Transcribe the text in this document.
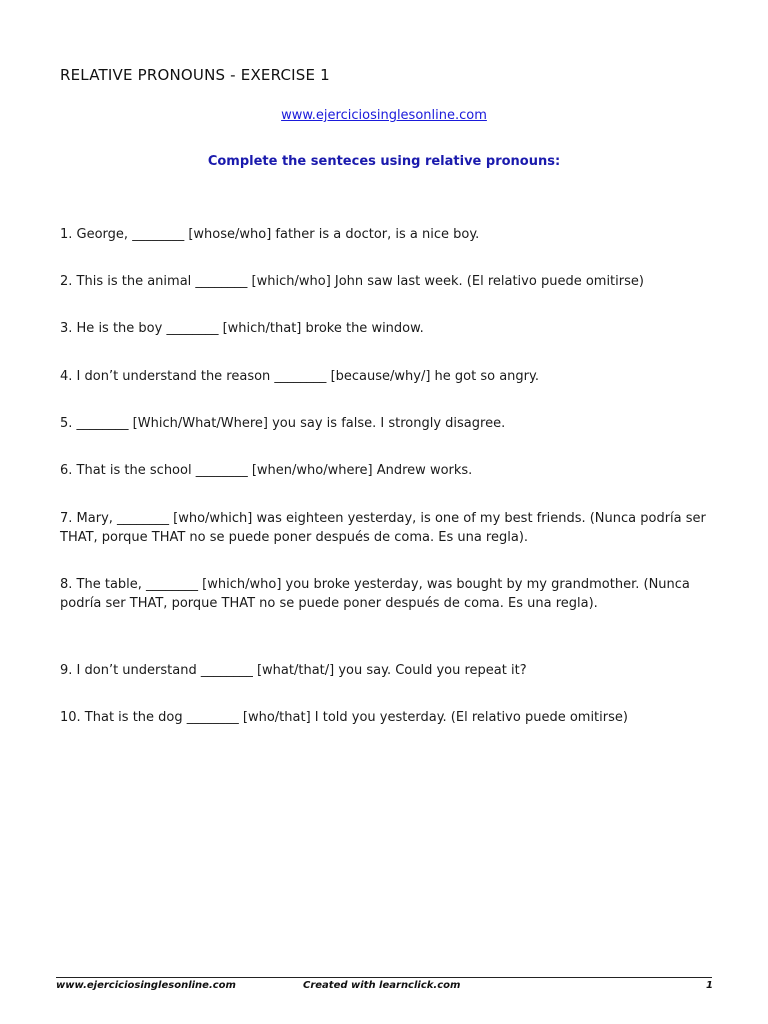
RELATIVE PRONOUNS - EXERCISE 1
www.ejerciciosinglesonline.com
Complete the senteces using relative pronouns:
1. George, ________ [whose/who] father is a doctor, is a nice boy.
2. This is the animal ________ [which/who] John saw last week. (El relativo puede omitirse)
3. He is the boy ________ [which/that] broke the window.
4. I don’t understand the reason ________ [because/why/] he got so angry.
5. ________ [Which/What/Where] you say is false. I strongly disagree.
6. That is the school ________ [when/who/where] Andrew works.
7. Mary, ________ [who/which] was eighteen yesterday, is one of my best friends. (Nunca podría ser THAT, porque THAT no se puede poner después de coma. Es una regla).
8. The table, ________ [which/who] you broke yesterday, was bought by my grandmother. (Nunca podría ser THAT, porque THAT no se puede poner después de coma. Es una regla).
9. I don’t understand ________ [what/that/] you say. Could you repeat it?
10. That is the dog ________ [who/that] I told you yesterday. (El relativo puede omitirse)
www.ejerciciosinglesonline.com	Created with learnclick.com	1
